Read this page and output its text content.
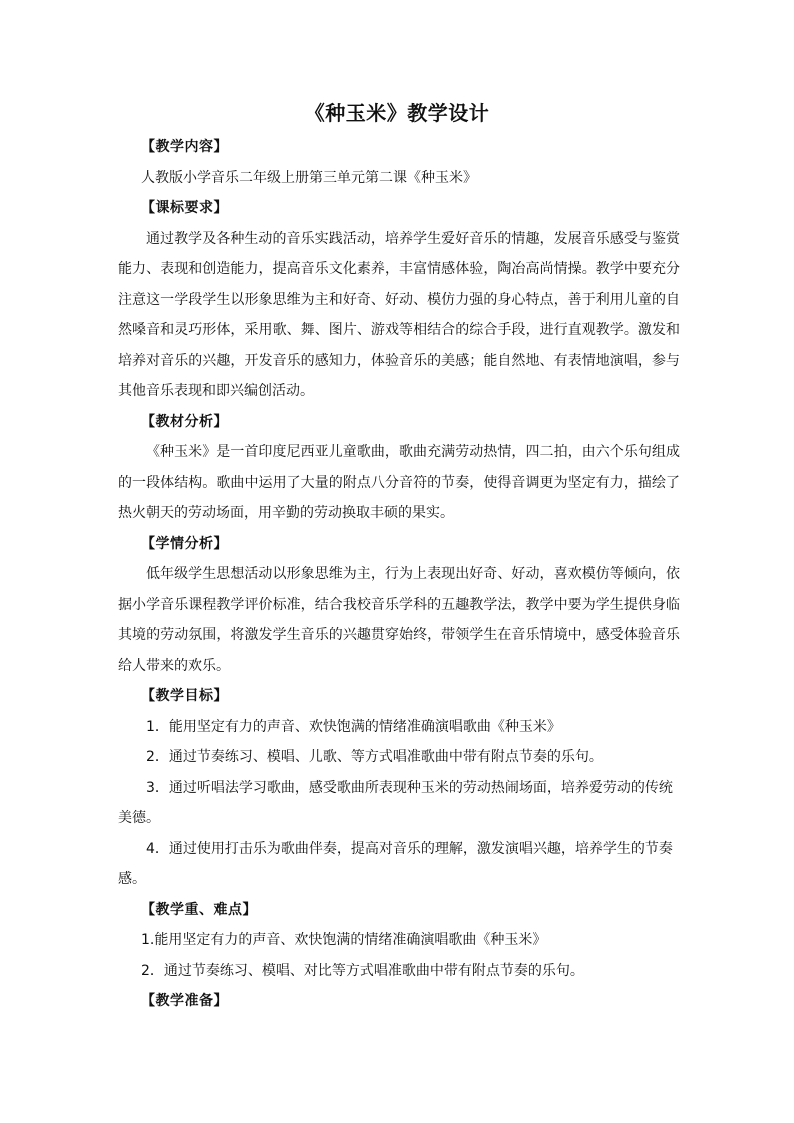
《种玉米》教学设计
【教学内容】
人教版小学音乐二年级上册第三单元第二课《种玉米》
【课标要求】
通过教学及各种生动的音乐实践活动，培养学生爱好音乐的情趣，发展音乐感受与鉴赏能力、表现和创造能力，提高音乐文化素养，丰富情感体验，陶冶高尚情操。教学中要充分注意这一学段学生以形象思维为主和好奇、好动、模仿力强的身心特点，善于利用儿童的自然嗓音和灵巧形体，采用歌、舞、图片、游戏等相结合的综合手段，进行直观教学。激发和培养对音乐的兴趣，开发音乐的感知力，体验音乐的美感；能自然地、有表情地演唱，参与其他音乐表现和即兴编创活动。
【教材分析】
《种玉米》是一首印度尼西亚儿童歌曲，歌曲充满劳动热情，四二拍，由六个乐句组成的一段体结构。歌曲中运用了大量的附点八分音符的节奏，使得音调更为坚定有力，描绘了热火朝天的劳动场面，用辛勤的劳动换取丰硕的果实。
【学情分析】
低年级学生思想活动以形象思维为主，行为上表现出好奇、好动，喜欢模仿等倾向，依据小学音乐课程教学评价标准，结合我校音乐学科的五趣教学法，教学中要为学生提供身临其境的劳动氛围，将激发学生音乐的兴趣贯穿始终，带领学生在音乐情境中，感受体验音乐给人带来的欢乐。
【教学目标】
1．能用坚定有力的声音、欢快饱满的情绪准确演唱歌曲《种玉米》
2．通过节奏练习、模唱、儿歌、等方式唱准歌曲中带有附点节奏的乐句。
3．通过听唱法学习歌曲，感受歌曲所表现种玉米的劳动热闹场面，培养爱劳动的传统美德。
4．通过使用打击乐为歌曲伴奏，提高对音乐的理解，激发演唱兴趣，培养学生的节奏感。
【教学重、难点】
1.能用坚定有力的声音、欢快饱满的情绪准确演唱歌曲《种玉米》
2．通过节奏练习、模唱、对比等方式唱准歌曲中带有附点节奏的乐句。
【教学准备】
